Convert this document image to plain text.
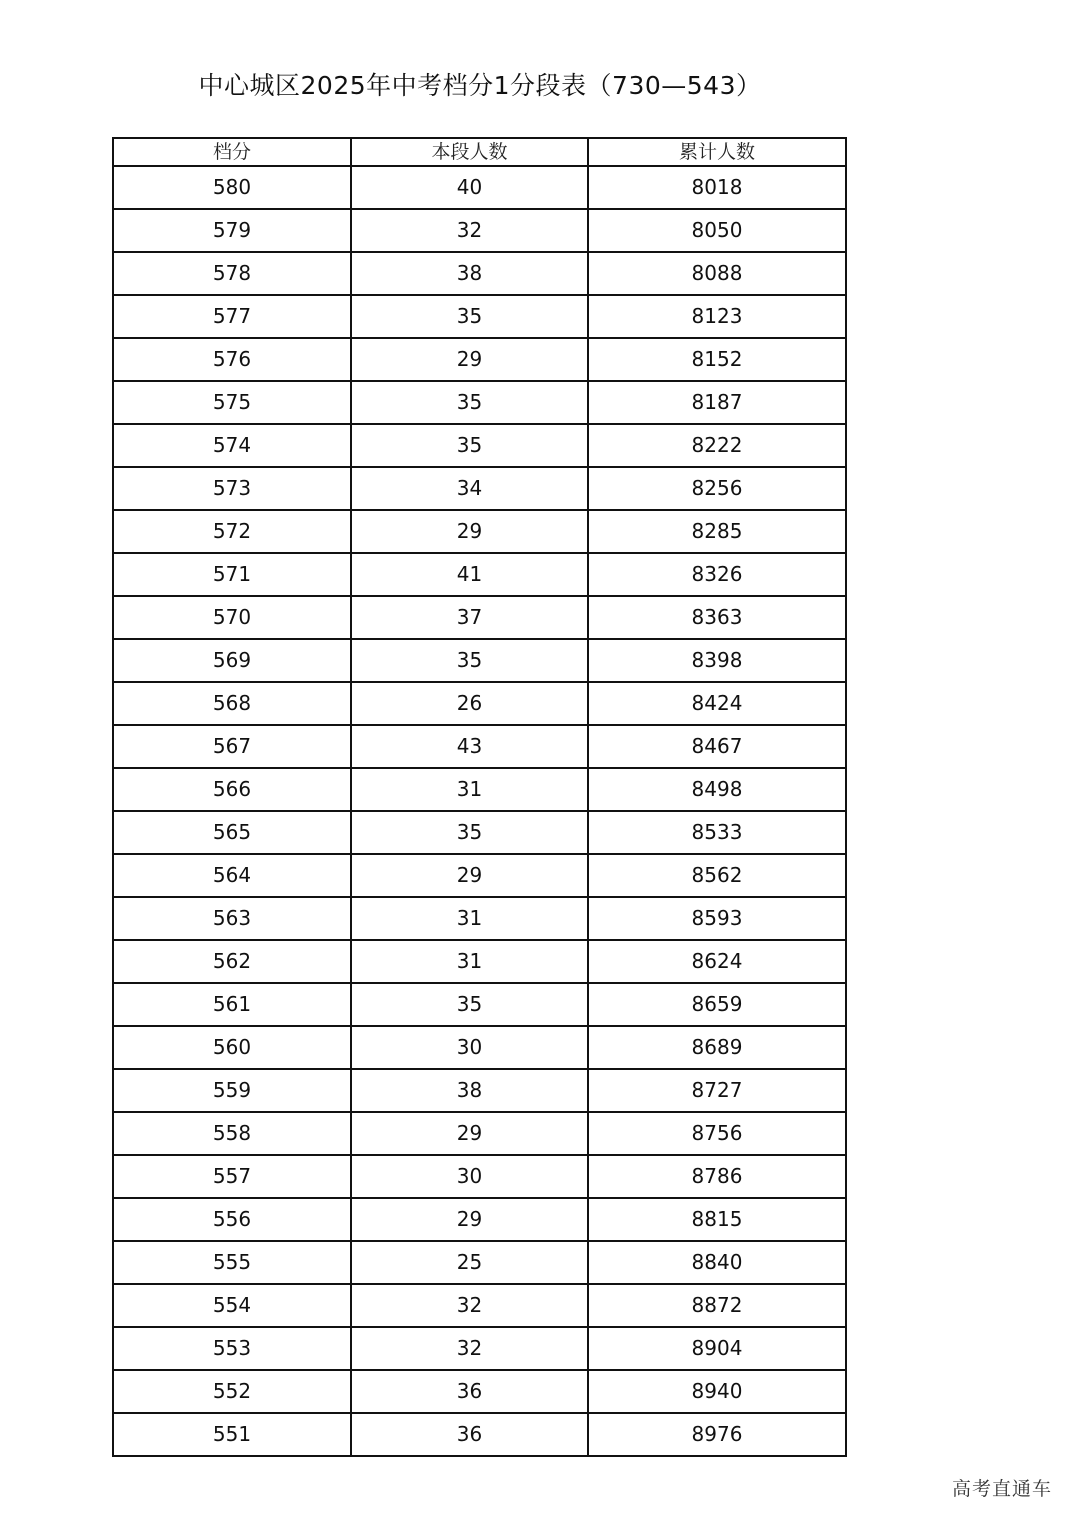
中心城区2025年中考档分1分段表（730—543）
档分	本段人数	累计人数
580	40	8018
579	32	8050
578	38	8088
577	35	8123
576	29	8152
575	35	8187
574	35	8222
573	34	8256
572	29	8285
571	41	8326
570	37	8363
569	35	8398
568	26	8424
567	43	8467
566	31	8498
565	35	8533
564	29	8562
563	31	8593
562	31	8624
561	35	8659
560	30	8689
559	38	8727
558	29	8756
557	30	8786
556	29	8815
555	25	8840
554	32	8872
553	32	8904
552	36	8940
551	36	8976
高考直通车
